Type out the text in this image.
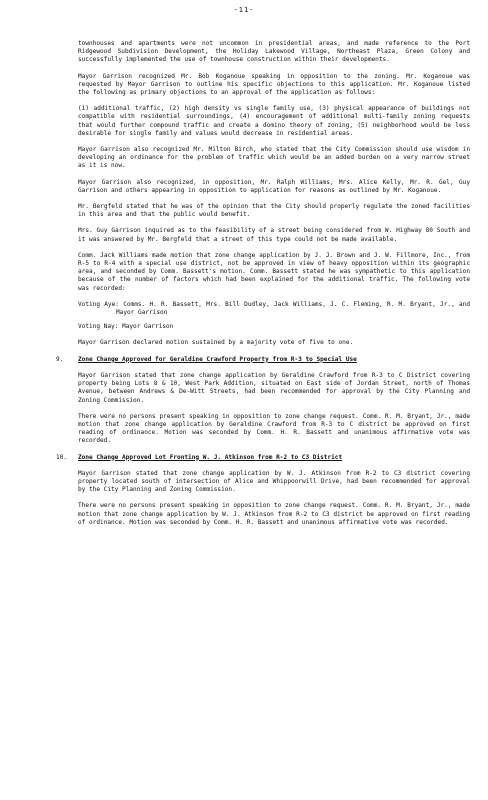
-11-

townhouses and apartments were not uncommon in presidential areas, and made reference to the Port Ridgewood Subdivision Development, the Holiday Lakewood Village, Northeast Plaza, Green Colony and successfully implemented the use of townhouse construction within their developments.

Mayor Garrison recognized Mr. Bob Koganoue speaking in opposition to the zoning. Mr. Koganoue was requested by Mayor Garrison to outline his specific objections to this application. Mr. Koganoue listed the following as primary objections to an approval of the application as follows:

(1) additional traffic, (2) high density vs single family use, (3) physical appearance of buildings not compatible with residential surroundings, (4) encouragement of additional multi-family zoning requests that would further compound traffic and create a domino theory of zoning, (5) neighborhood would be less desirable for single family and values would decrease in residential areas.

Mayor Garrison also recognized Mr. Milton Birch, who stated that the City Commission should use wisdom in developing an ordinance for the problem of traffic which would be an added burden on a very narrow street as it is now.

Mayor Garrison also recognized, in opposition, Mr. Ralph Williams, Mrs. Alice Kelly, Mr. R. Gel, Guy Garrison and others appearing in opposition to application for reasons as outlined by Mr. Koganoue.

Mr. Bergfeld stated that he was of the opinion that the City should properly regulate the zoned facilities in this area and that the public would benefit.

Mrs. Guy Garrison inquired as to the feasibility of a street being considered from W. Highway 80 South and it was answered by Mr. Bergfeld that a street of this type could not be made available.

Comm. Jack Williams made motion that zone change application by J. J. Brown and J. W. Fillmore, Inc., from R-5 to R-4 with a special use district, not be approved in view of heavy opposition within its geographic area, and seconded by Comm. Bassett's motion. Comm. Bassett stated he was sympathetic to this application because of the number of factors which had been explained for the additional traffic. The following vote was recorded:

Voting Aye: Comms. H. R. Bassett, Mrs. Bill Dudley, Jack Williams, J. C. Fleming, R. M. Bryant, Jr., and Mayor Garrison

Voting Nay: Mayor Garrison

Mayor Garrison declared motion sustained by a majority vote of five to one.

9. Zone Change Approved for Geraldine Crawford Property from R-3 to Special Use

Mayor Garrison stated that zone change application by Geraldine Crawford from R-3 to C District covering property being Lots 8 & 10, West Park Addition, situated on East side of Jordan Street, north of Thomas Avenue, between Andrews & De-Witt Streets, had been recommended for approval by the City Planning and Zoning Commission.

There were no persons present speaking in opposition to zone change request. Comm. R. M. Bryant, Jr., made motion that zone change application by Geraldine Crawford from R-3 to C district be approved on first reading of ordinance. Motion was seconded by Comm. H. R. Bassett and unanimous affirmative vote was recorded.

10. Zone Change Approved Lot Fronting W. J. Atkinson from R-2 to C3 District

Mayor Garrison stated that zone change application by W. J. Atkinson from R-2 to C3 district covering property located south of intersection of Alice and Whippoorwill Drive, had been recommended for approval by the City Planning and Zoning Commission.

There were no persons present speaking in opposition to zone change request. Comm. R. M. Bryant, Jr., made motion that zone change application by W. J. Atkinson from R-2 to C3 district be approved on first reading of ordinance. Motion was seconded by Comm. H. R. Bassett and unanimous affirmative vote was recorded.
